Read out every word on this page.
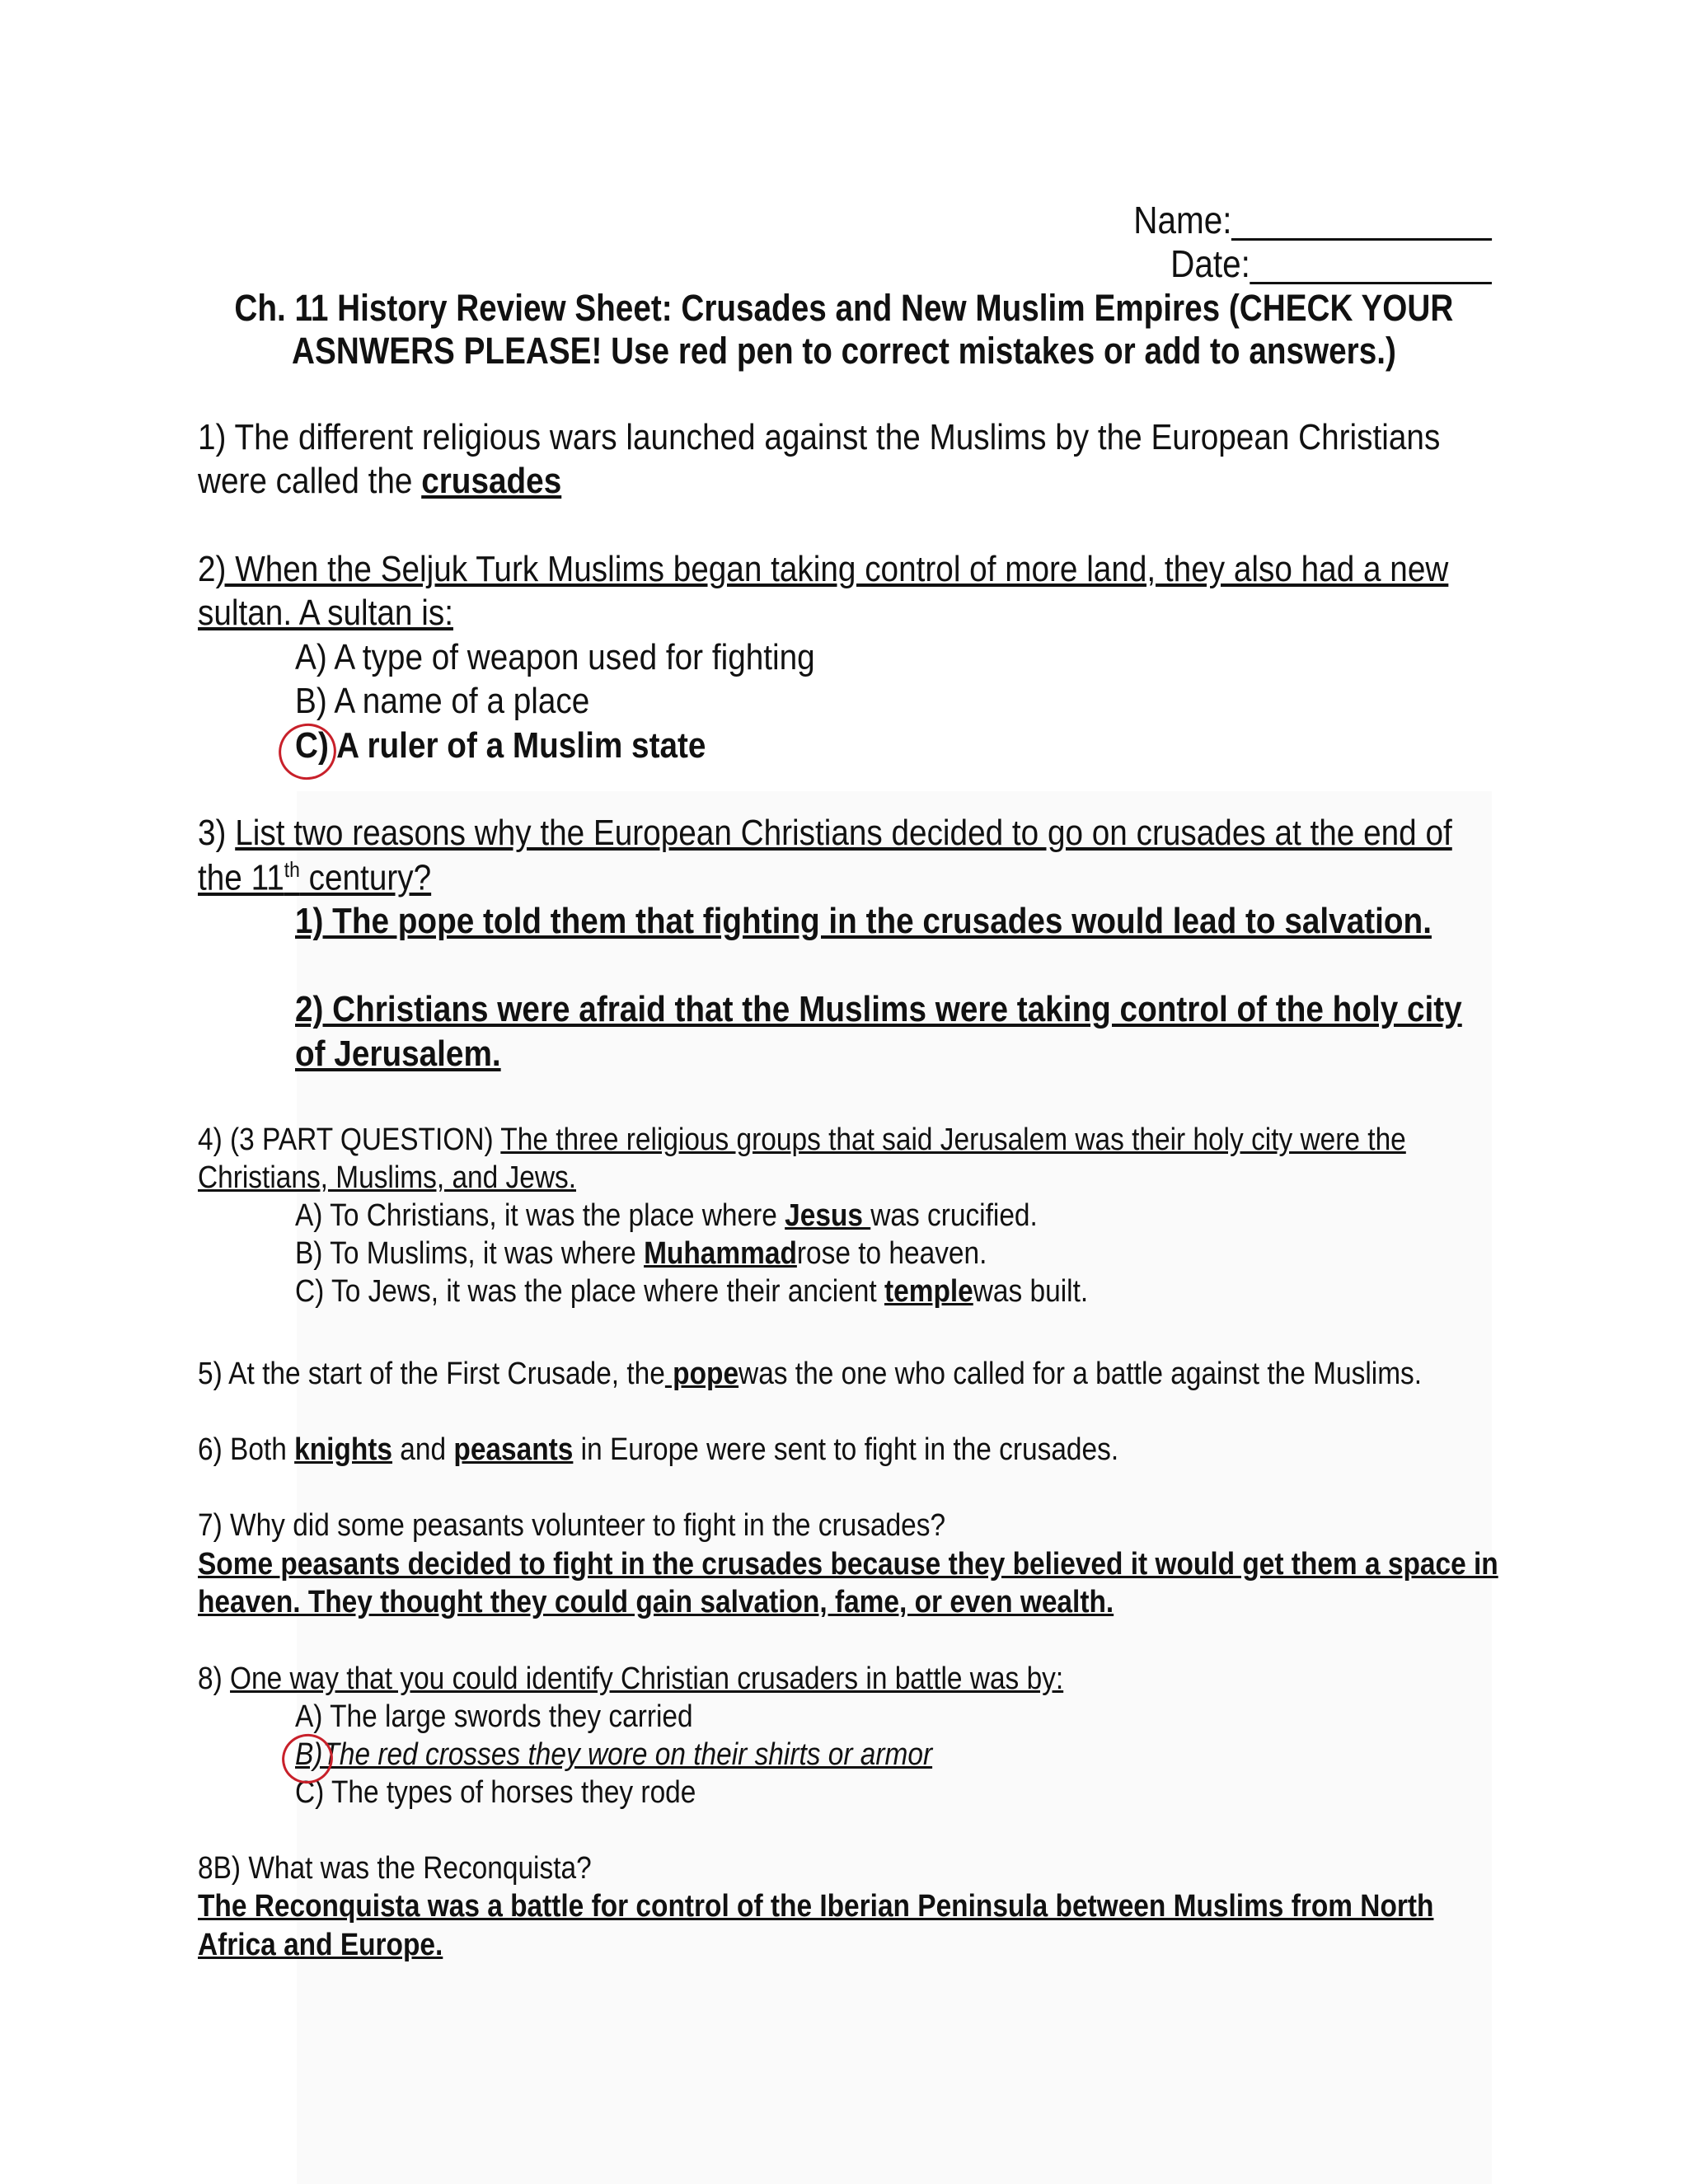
Name:______________
Date:_____________
Ch. 11 History Review Sheet: Crusades and New Muslim Empires (CHECK YOUR
ASNWERS PLEASE! Use red pen to correct mistakes or add to answers.)
1) The different religious wars launched against the Muslims by the European Christians
were called the crusades
2) When the Seljuk Turk Muslims began taking control of more land, they also had a new
sultan. A sultan is:
A) A type of weapon used for fighting
B) A name of a place
C) A ruler of a Muslim state
3) List two reasons why the European Christians decided to go on crusades at the end of
the 11th century?
1) The pope told them that fighting in the crusades would lead to salvation.
2) Christians were afraid that the Muslims were taking control of the holy city
of Jerusalem.
4) (3 PART QUESTION) The three religious groups that said Jerusalem was their holy city were the
Christians, Muslims, and Jews.
A) To Christians, it was the place where Jesus was crucified.
B) To Muslims, it was where Muhammadrose to heaven.
C) To Jews, it was the place where their ancient templewas built.
5) At the start of the First Crusade, the popewas the one who called for a battle against the Muslims.
6) Both knights and peasants in Europe were sent to fight in the crusades.
7) Why did some peasants volunteer to fight in the crusades?
Some peasants decided to fight in the crusades because they believed it would get them a space in
heaven. They thought they could gain salvation, fame, or even wealth.
8) One way that you could identify Christian crusaders in battle was by:
A) The large swords they carried
B)The red crosses they wore on their shirts or armor
C) The types of horses they rode
8B) What was the Reconquista?
The Reconquista was a battle for control of the Iberian Peninsula between Muslims from North
Africa and Europe.
